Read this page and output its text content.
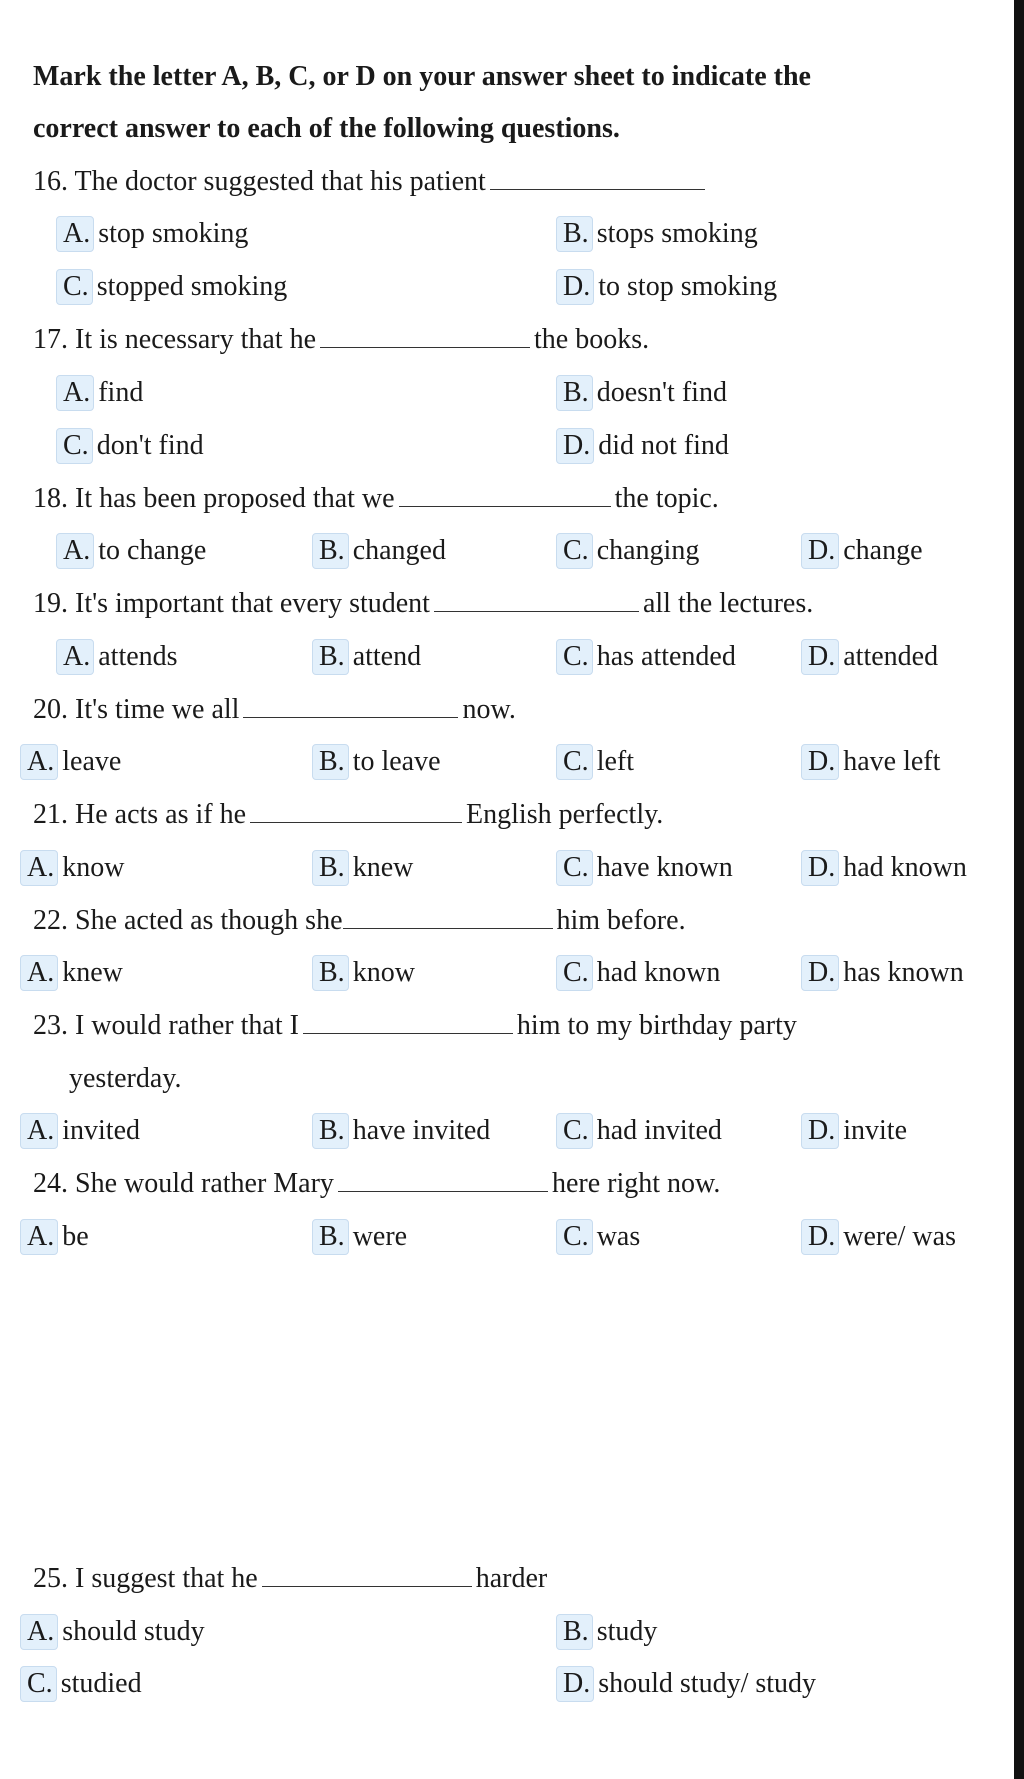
Mark the letter A, B, C, or D on your answer sheet to indicate the
correct answer to each of the following questions.
16. The doctor suggested that his patient
A. stop smoking	B. stops smoking
C. stopped smoking	D. to stop smoking
17. It is necessary that he	the books.
A. find	B. doesn't find
C. don't find	D. did not find
18. It has been proposed that we	the topic.
A. to change	B. changed	C. changing	D. change
19. It's important that every student	all the lectures.
A. attends	B. attend	C. has attended	D. attended
20. It's time we all	now.
A. leave	B. to leave	C. left	D. have left
21. He acts as if he	English perfectly.
A. know	B. knew	C. have known	D. had known
22. She acted as though she	him before.
A. knew	B. know	C. had known	D. has known
23. I would rather that I	him to my birthday party
yesterday.
A. invited	B. have invited	C. had invited	D. invite
24. She would rather Mary	here right now.
A. be	B. were	C. was	D. were/ was
25. I suggest that he	harder
A. should study	B. study
C. studied	D. should study/ study
